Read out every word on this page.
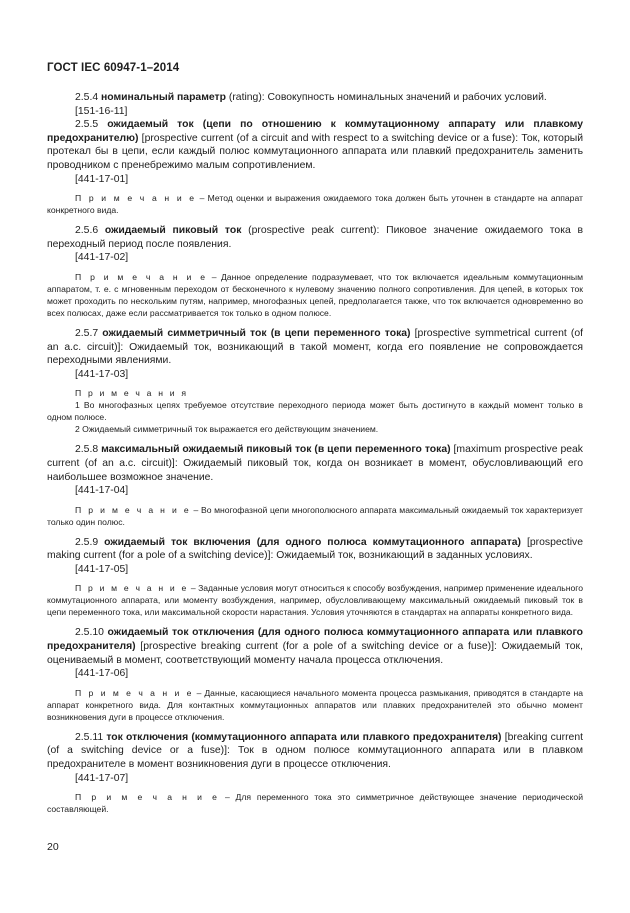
ГОСТ IEC 60947-1–2014

2.5.4 номинальный параметр (rating): Совокупность номинальных значений и рабочих условий.

[151-16-11]

2.5.5 ожидаемый ток (цепи по отношению к коммутационному аппарату или плавкому предохранителю) [prospective current (of a circuit and with respect to a switching device or a fuse): Ток, который протекал бы в цепи, если каждый полюс коммутационного аппарата или плавкий предохранитель заменить проводником с пренебрежимо малым сопротивлением.

[441-17-01]

П р и м е ч а н и е – Метод оценки и выражения ожидаемого тока должен быть уточнен в стандарте на аппарат конкретного вида.

2.5.6 ожидаемый пиковый ток (prospective peak current): Пиковое значение ожидаемого тока в переходный период после появления.

[441-17-02]

П р и м е ч а н и е – Данное определение подразумевает, что ток включается идеальным коммутационным аппаратом, т. е. с мгновенным переходом от бесконечного к нулевому значению полного сопротивления. Для цепей, в которых ток может проходить по нескольким путям, например, многофазных цепей, предполагается также, что ток включается одновременно во всех полюсах, даже если рассматривается ток только в одном полюсе.

2.5.7 ожидаемый симметричный ток (в цепи переменного тока) [prospective symmetrical current (of an a.c. circuit)]: Ожидаемый ток, возникающий в такой момент, когда его появление не сопровождается переходными явлениями.

[441-17-03]

П р и м е ч а н и я

1 Во многофазных цепях требуемое отсутствие переходного периода может быть достигнуто в каждый момент только в одном полюсе.

2 Ожидаемый симметричный ток выражается его действующим значением.

2.5.8 максимальный ожидаемый пиковый ток (в цепи переменного тока) [maximum prospective peak current (of an a.c. circuit)]: Ожидаемый пиковый ток, когда он возникает в момент, обусловливающий его наибольшее возможное значение.

[441-17-04]

П р и м е ч а н и е – Во многофазной цепи многополюсного аппарата максимальный ожидаемый ток характеризует только один полюс.

2.5.9 ожидаемый ток включения (для одного полюса коммутационного аппарата) [prospective making current (for a pole of a switching device)]: Ожидаемый ток, возникающий в заданных условиях.

[441-17-05]

П р и м е ч а н и е – Заданные условия могут относиться к способу возбуждения, например применение идеального коммутационного аппарата, или моменту возбуждения, например, обусловливающему максимальный ожидаемый пиковый ток в цепи переменного тока, или максимальной скорости нарастания. Условия уточняются в стандартах на аппараты конкретного вида.

2.5.10 ожидаемый ток отключения (для одного полюса коммутационного аппарата или плавкого предохранителя) [prospective breaking current (for a pole of a switching device or a fuse)]: Ожидаемый ток, оцениваемый в момент, соответствующий моменту начала процесса отключения.

[441-17-06]

П р и м е ч а н и е – Данные, касающиеся начального момента процесса размыкания, приводятся в стандарте на аппарат конкретного вида. Для контактных коммутационных аппаратов или плавких предохранителей это обычно момент возникновения дуги в процессе отключения.

2.5.11 ток отключения (коммутационного аппарата или плавкого предохранителя) [breaking current (of a switching device or a fuse)]: Ток в одном полюсе коммутационного аппарата или в плавком предохранителе в момент возникновения дуги в процессе отключения.

[441-17-07]

П р и м е ч а н и е – Для переменного тока это симметричное действующее значение периодической составляющей.

20
